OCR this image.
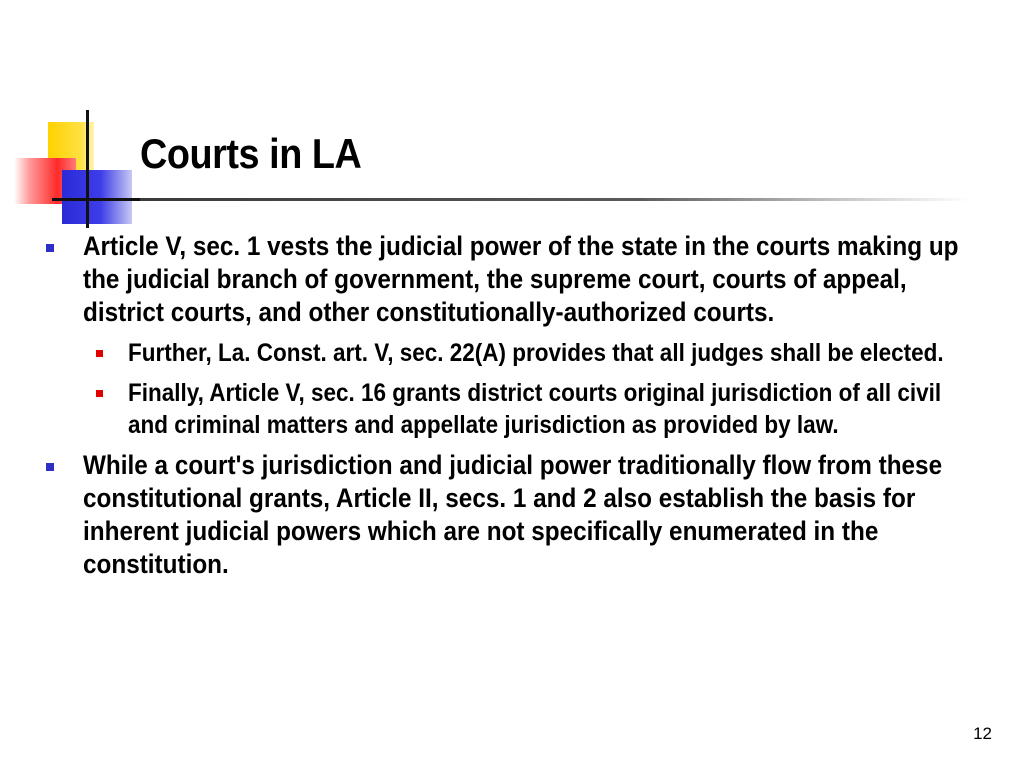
Courts in LA
Article V, sec. 1 vests the judicial power of the state in the courts making up the judicial branch of government, the supreme court, courts of appeal, district courts, and other constitutionally-authorized courts.
Further, La. Const. art. V, sec. 22(A) provides that all judges shall be elected.
Finally, Article V, sec. 16 grants district courts original jurisdiction of all civil and criminal matters and appellate jurisdiction as provided by law.
While a court's jurisdiction and judicial power traditionally flow from these constitutional grants, Article II, secs. 1 and 2 also establish the basis for inherent judicial powers which are not specifically enumerated in the constitution.
12
